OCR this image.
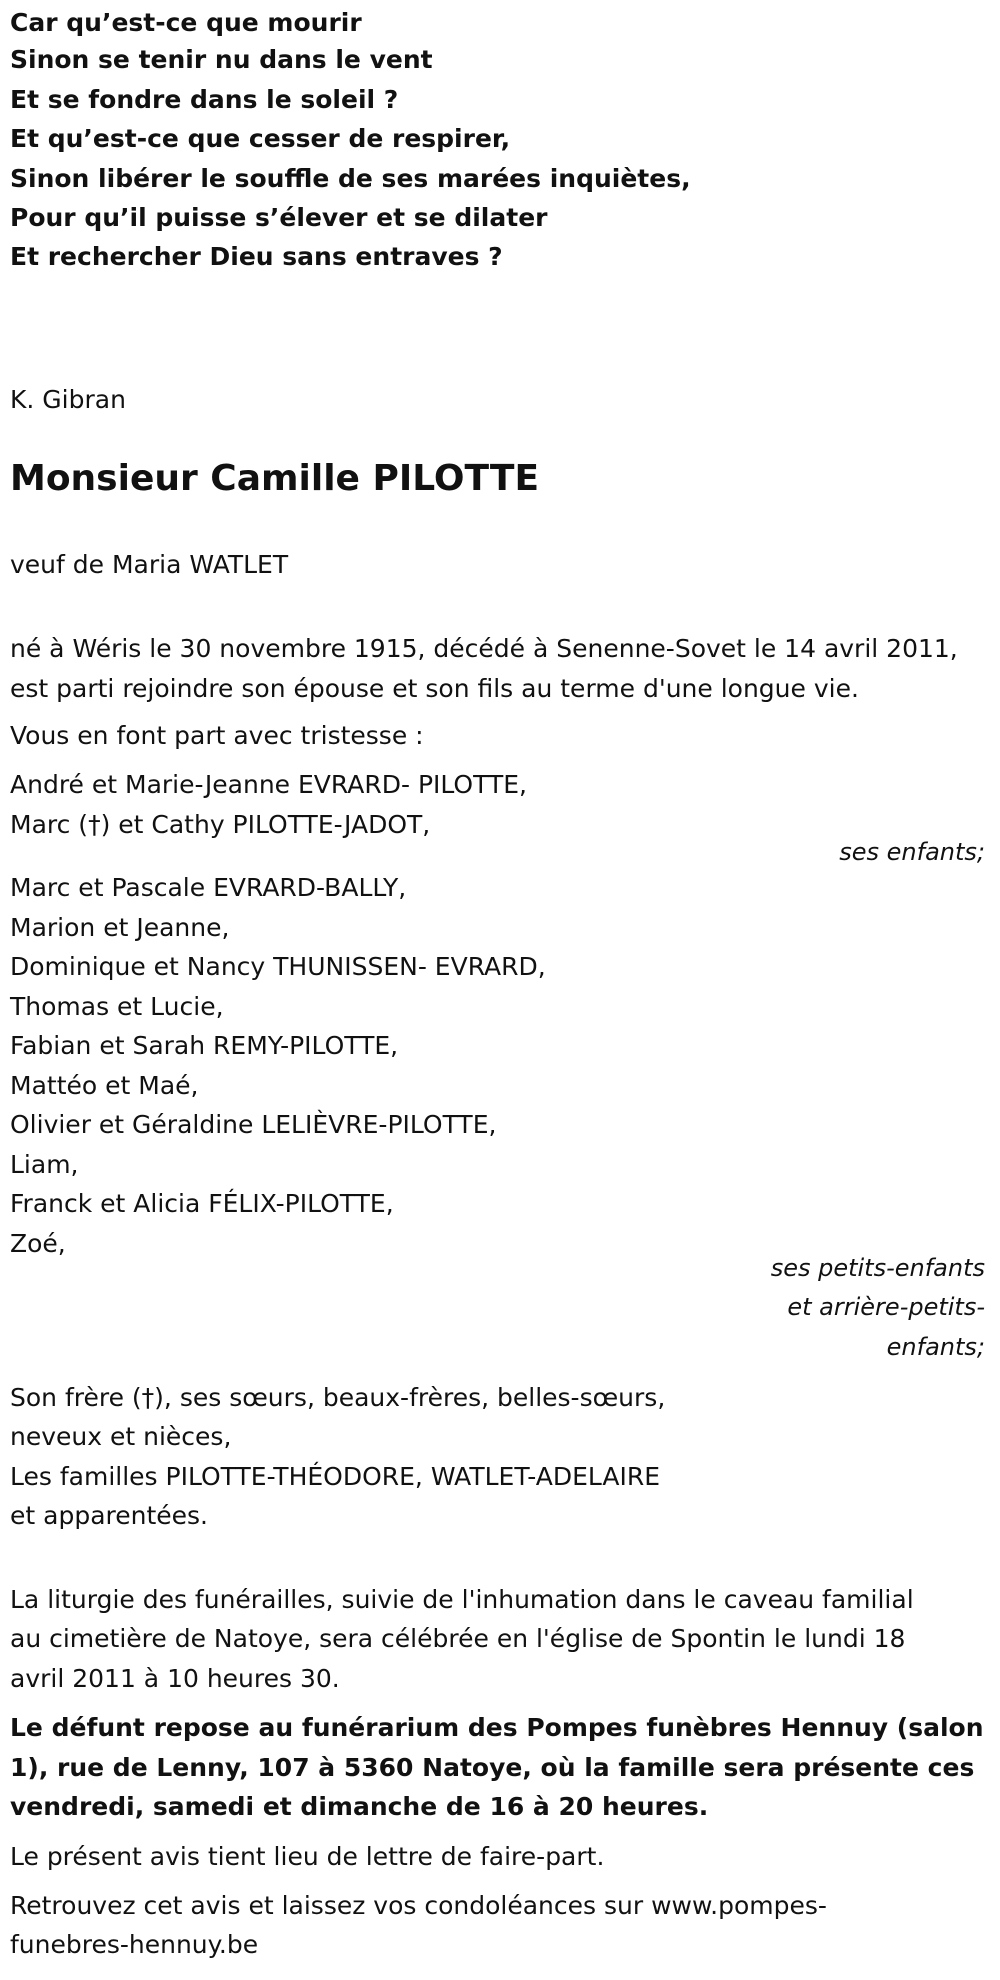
Car qu’est-ce que mourir
Sinon se tenir nu dans le vent
Et se fondre dans le soleil ?
Et qu’est-ce que cesser de respirer,
Sinon libérer le souffle de ses marées inquiètes,
Pour qu’il puisse s’élever et se dilater
Et rechercher Dieu sans entraves ?
K. Gibran
Monsieur Camille PILOTTE
veuf de Maria WATLET
né à Wéris le 30 novembre 1915, décédé à Senenne-Sovet le 14 avril 2011,
est parti rejoindre son épouse et son fils au terme d'une longue vie.
Vous en font part avec tristesse :
André et Marie-Jeanne EVRARD- PILOTTE,
Marc (†) et Cathy PILOTTE-JADOT,
ses enfants;
Marc et Pascale EVRARD-BALLY,
Marion et Jeanne,
Dominique et Nancy THUNISSEN- EVRARD,
Thomas et Lucie,
Fabian et Sarah REMY-PILOTTE,
Mattéo et Maé,
Olivier et Géraldine LELIÈVRE-PILOTTE,
Liam,
Franck et Alicia FÉLIX-PILOTTE,
Zoé,
ses petits-enfants
et arrière-petits-
enfants;
Son frère (†), ses sœurs, beaux-frères, belles-sœurs,
neveux et nièces,
Les familles PILOTTE-THÉODORE, WATLET-ADELAIRE
et apparentées.
La liturgie des funérailles, suivie de l'inhumation dans le caveau familial
au cimetière de Natoye, sera célébrée en l'église de Spontin le lundi 18
avril 2011 à 10 heures 30.
Le défunt repose au funérarium des Pompes funèbres Hennuy (salon
1), rue de Lenny, 107 à 5360 Natoye, où la famille sera présente ces
vendredi, samedi et dimanche de 16 à 20 heures.
Le présent avis tient lieu de lettre de faire-part.
Retrouvez cet avis et laissez vos condoléances sur www.pompes-
funebres-hennuy.be
